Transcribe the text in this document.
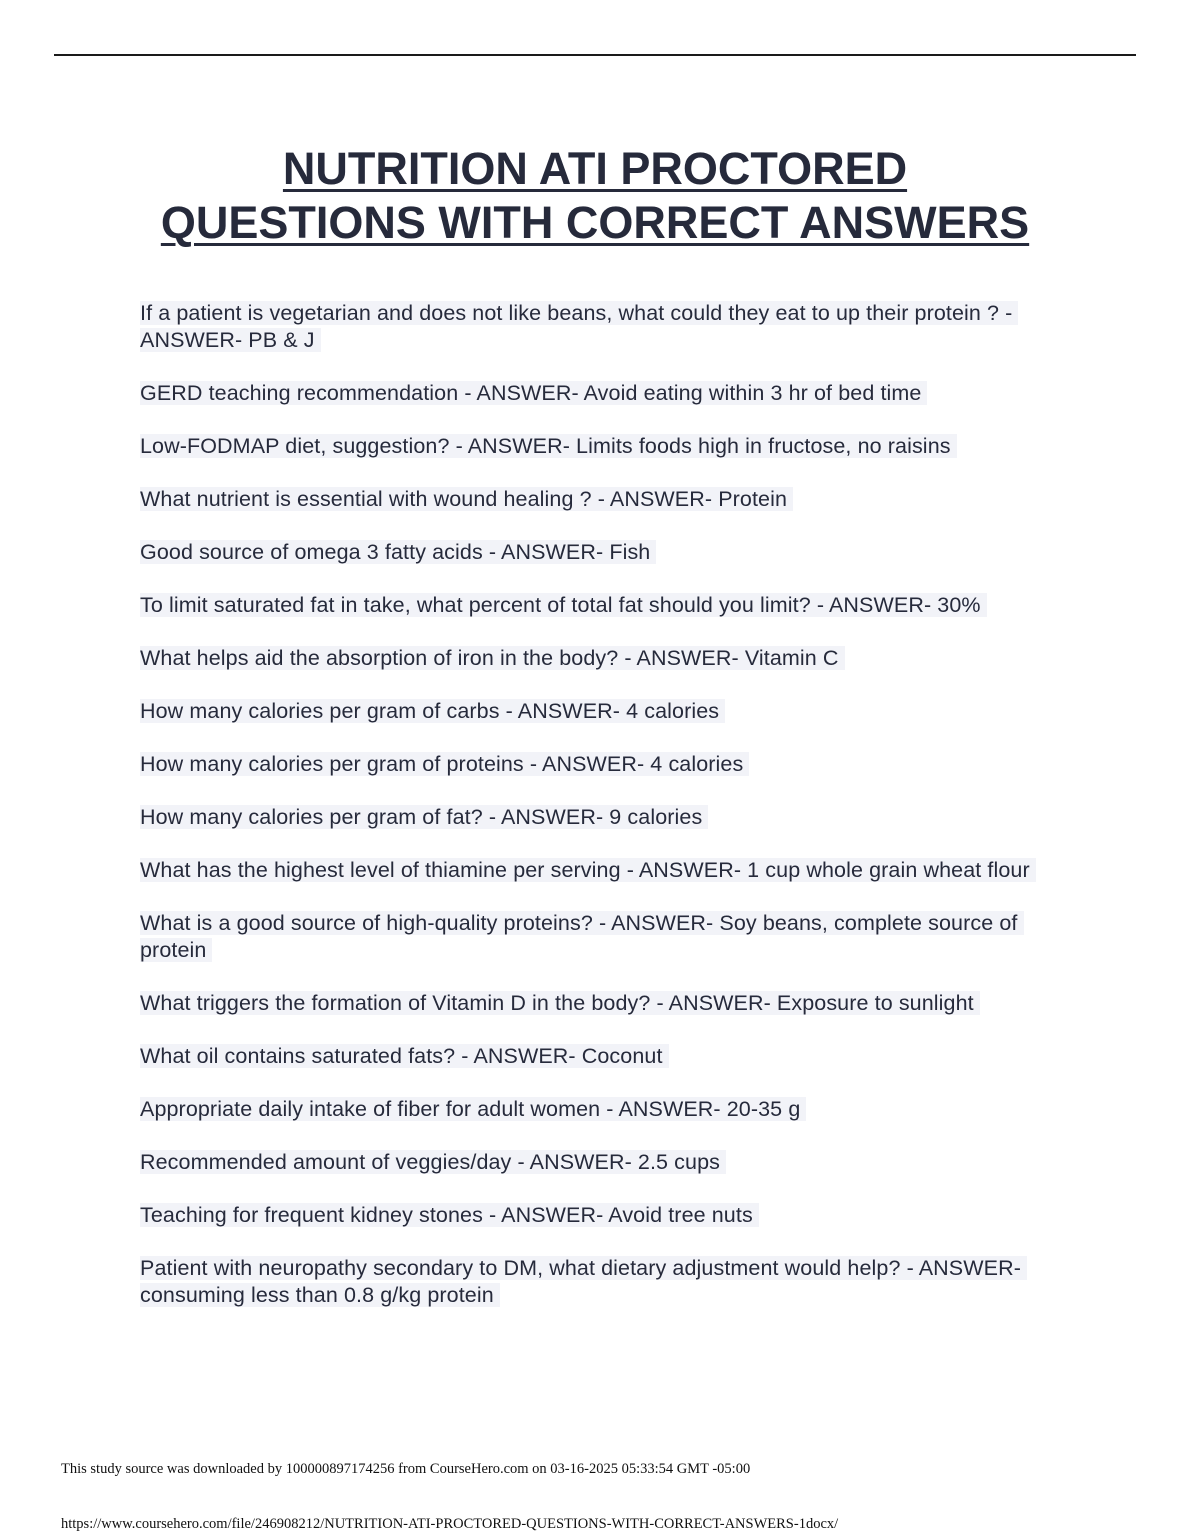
NUTRITION ATI PROCTORED
QUESTIONS WITH CORRECT ANSWERS
If a patient is vegetarian and does not like beans, what could they eat to up their protein ? - ANSWER- PB & J
GERD teaching recommendation - ANSWER- Avoid eating within 3 hr of bed time
Low-FODMAP diet, suggestion? - ANSWER- Limits foods high in fructose, no raisins
What nutrient is essential with wound healing ? - ANSWER- Protein
Good source of omega 3 fatty acids - ANSWER- Fish
To limit saturated fat in take, what percent of total fat should you limit? - ANSWER- 30%
What helps aid the absorption of iron in the body? - ANSWER- Vitamin C
How many calories per gram of carbs - ANSWER- 4 calories
How many calories per gram of proteins - ANSWER- 4 calories
How many calories per gram of fat? - ANSWER- 9 calories
What has the highest level of thiamine per serving - ANSWER- 1 cup whole grain wheat flour
What is a good source of high-quality proteins? - ANSWER- Soy beans, complete source of protein
What triggers the formation of Vitamin D in the body? - ANSWER- Exposure to sunlight
What oil contains saturated fats? - ANSWER- Coconut
Appropriate daily intake of fiber for adult women - ANSWER- 20-35 g
Recommended amount of veggies/day - ANSWER- 2.5 cups
Teaching for frequent kidney stones - ANSWER- Avoid tree nuts
Patient with neuropathy secondary to DM, what dietary adjustment would help? - ANSWER- consuming less than 0.8 g/kg protein
This study source was downloaded by 100000897174256 from CourseHero.com on 03-16-2025 05:33:54 GMT -05:00
https://www.coursehero.com/file/246908212/NUTRITION-ATI-PROCTORED-QUESTIONS-WITH-CORRECT-ANSWERS-1docx/
